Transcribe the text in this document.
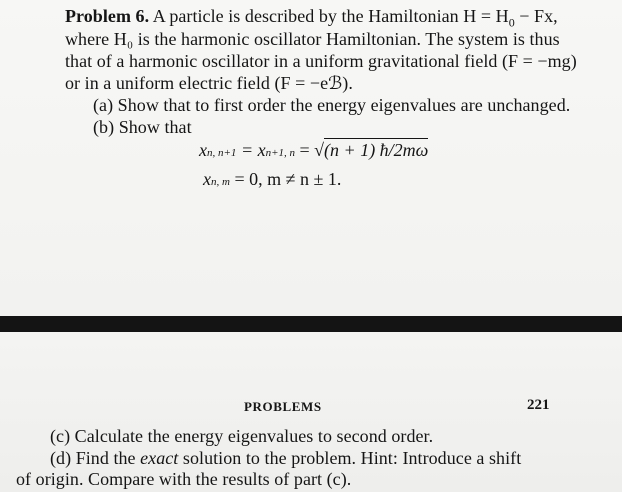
Problem 6. A particle is described by the Hamiltonian $H = H_0 - Fx$,
where H₀ is the harmonic oscillator Hamiltonian. The system is thus
that of a harmonic oscillator in a uniform gravitational field (F = −mg)
or in a uniform electric field (F = −eℬ).
(a) Show that to first order the energy eigenvalues are unchanged.
(b) Show that
xn, n+1 = xn+1, n = √(n + 1) ħ/2mω
xn, m = 0, m ≠ n ± 1.
PROBLEMS	221
(c) Calculate the energy eigenvalues to second order.
(d) Find the exact solution to the problem. Hint: Introduce a shift
of origin. Compare with the results of part (c).
